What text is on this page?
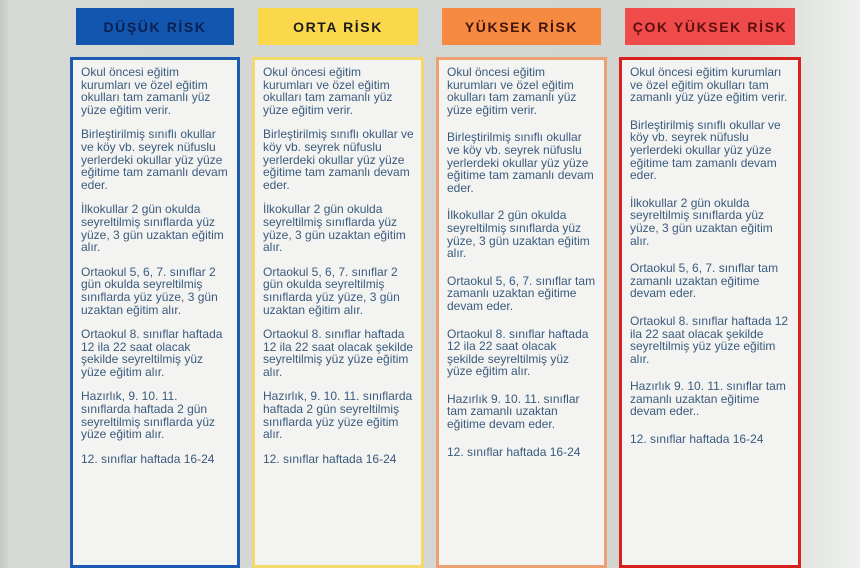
DÜŞÜK RİSK

Okul öncesi eğitim kurumları ve özel eğitim okulları tam zamanlı yüz yüze eğitim verir.

Birleştirilmiş sınıflı okullar ve köy vb. seyrek nüfuslu yerlerdeki okullar yüz yüze eğitime tam zamanlı devam eder.

İlkokullar 2 gün okulda seyreltilmiş sınıflarda yüz yüze, 3 gün uzaktan eğitim alır.

Ortaokul 5, 6, 7. sınıflar 2 gün okulda seyreltilmiş sınıflarda yüz yüze, 3 gün uzaktan eğitim alır.

Ortaokul 8. sınıflar haftada 12 ila 22 saat olacak şekilde seyreltilmiş yüz yüze eğitim alır.

Hazırlık, 9. 10. 11. sınıflarda haftada 2 gün seyreltilmiş sınıflarda yüz yüze eğitim alır.

12. sınıflar haftada 16-24

ORTA RİSK

Okul öncesi eğitim kurumları ve özel eğitim okulları tam zamanlı yüz yüze eğitim verir.

Birleştirilmiş sınıflı okullar ve köy vb. seyrek nüfuslu yerlerdeki okullar yüz yüze eğitime tam zamanlı devam eder.

İlkokullar 2 gün okulda seyreltilmiş sınıflarda yüz yüze, 3 gün uzaktan eğitim alır.

Ortaokul 5, 6, 7. sınıflar 2 gün okulda seyreltilmiş sınıflarda yüz yüze, 3 gün uzaktan eğitim alır.

Ortaokul 8. sınıflar haftada 12 ila 22 saat olacak şekilde seyreltilmiş yüz yüze eğitim alır.

Hazırlık, 9. 10. 11. sınıflarda haftada 2 gün seyreltilmiş sınıflarda yüz yüze eğitim alır.

12. sınıflar haftada 16-24

YÜKSEK RİSK

Okul öncesi eğitim kurumları ve özel eğitim okulları tam zamanlı yüz yüze eğitim verir.

Birleştirilmiş sınıflı okullar ve köy vb. seyrek nüfuslu yerlerdeki okullar yüz yüze eğitime tam zamanlı devam eder.

İlkokullar 2 gün okulda seyreltilmiş sınıflarda yüz yüze, 3 gün uzaktan eğitim alır.

Ortaokul 5, 6, 7. sınıflar tam zamanlı uzaktan eğitime devam eder.

Ortaokul 8. sınıflar haftada 12 ila 22 saat olacak şekilde seyreltilmiş yüz yüze eğitim alır.

Hazırlık 9. 10. 11. sınıflar tam zamanlı uzaktan eğitime devam eder.

12. sınıflar haftada 16-24

ÇOK YÜKSEK RİSK

Okul öncesi eğitim kurumları ve özel eğitim okulları tam zamanlı yüz yüze eğitim verir.

Birleştirilmiş sınıflı okullar ve köy vb. seyrek nüfuslu yerlerdeki okullar yüz yüze eğitime tam zamanlı devam eder.

İlkokullar 2 gün okulda seyreltilmiş sınıflarda yüz yüze, 3 gün uzaktan eğitim alır.

Ortaokul 5, 6, 7. sınıflar tam zamanlı uzaktan eğitime devam eder.

Ortaokul 8. sınıflar haftada 12 ila 22 saat olacak şekilde seyreltilmiş yüz yüze eğitim alır.

Hazırlık 9. 10. 11. sınıflar tam zamanlı uzaktan eğitime devam eder..

12. sınıflar haftada 16-24
